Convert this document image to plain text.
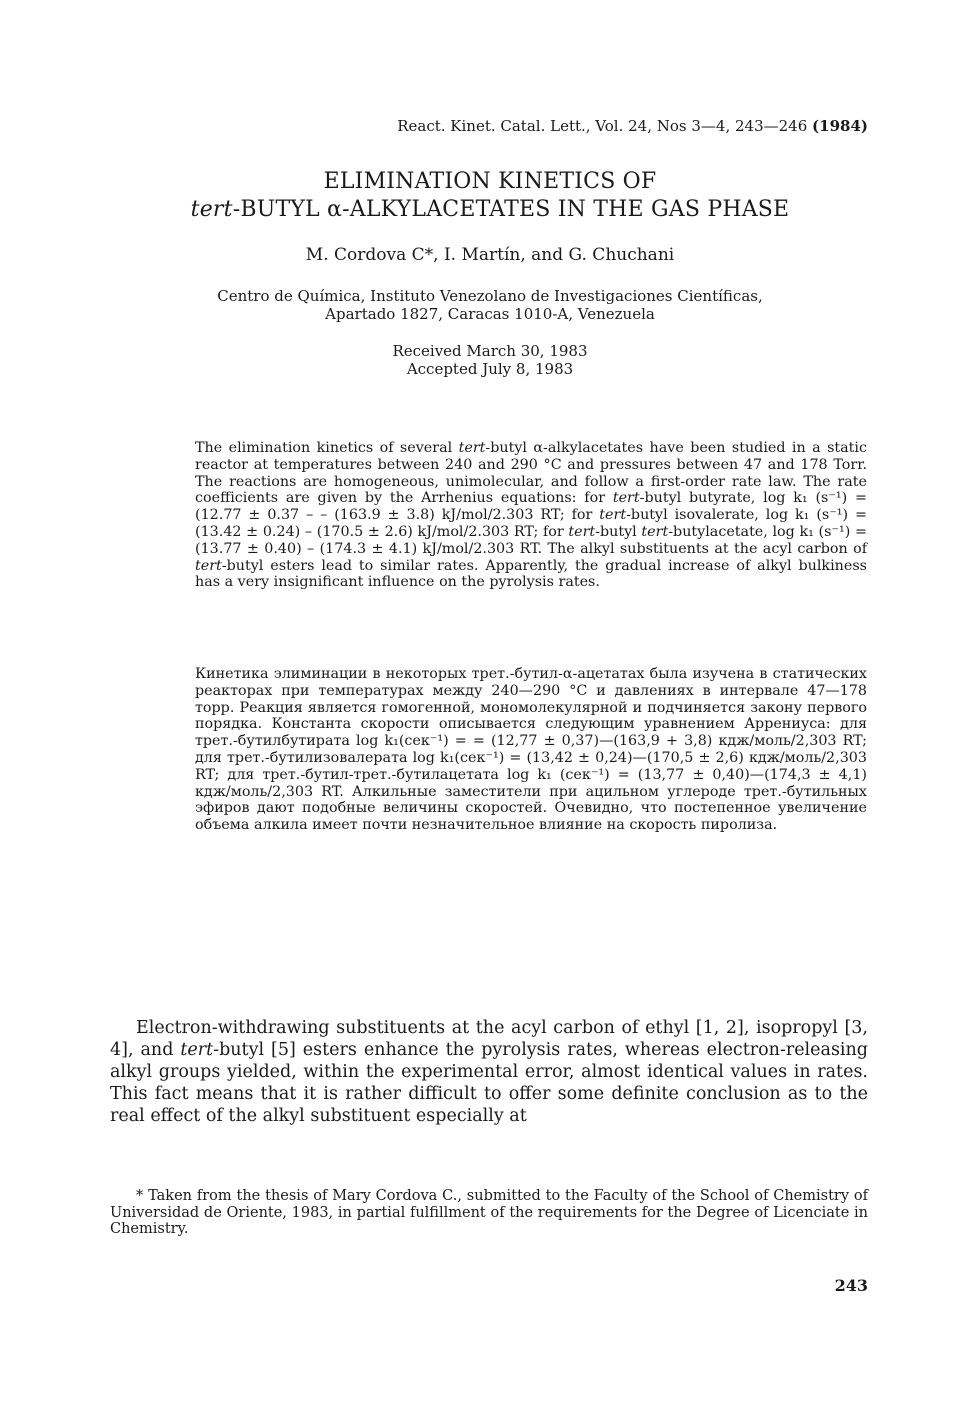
React. Kinet. Catal. Lett., Vol. 24, Nos 3—4, 243—246 (1984)
ELIMINATION KINETICS OF
tert-BUTYL α-ALKYLACETATES IN THE GAS PHASE
M. Cordova C*, I. Martín, and G. Chuchani
Centro de Química, Instituto Venezolano de Investigaciones Científicas,
Apartado 1827, Caracas 1010-A, Venezuela
Received March 30, 1983
Accepted July 8, 1983
The elimination kinetics of several tert-butyl α-alkylacetates have been studied in a static reactor at temperatures between 240 and 290 °C and pressures between 47 and 178 Torr. The reactions are homogeneous, unimolecular, and follow a first-order rate law. The rate coefficients are given by the Arrhenius equations: for tert-butyl butyrate, log k₁ (s⁻¹) = (12.77 ± 0.37 – – (163.9 ± 3.8) kJ/mol/2.303 RT; for tert-butyl isovalerate, log k₁ (s⁻¹) = (13.42 ± 0.24) – (170.5 ± 2.6) kJ/mol/2.303 RT; for tert-butyl tert-butylacetate, log k₁ (s⁻¹) = (13.77 ± 0.40) – (174.3 ± 4.1) kJ/mol/2.303 RT. The alkyl substituents at the acyl carbon of tert-butyl esters lead to similar rates. Apparently, the gradual increase of alkyl bulkiness has a very insignificant influence on the pyrolysis rates.
Кинетика элиминации в некоторых трет.-бутил-α-ацетатах была изучена в статических реакторах при температурах между 240—290 °С и давлениях в интервале 47—178 торр. Реакция является гомогенной, мономолекулярной и подчиняется закону первого порядка. Константа скорости описывается следующим уравнением Аррениуса: для трет.-бутилбутирата log k₁(сек⁻¹) = = (12,77 ± 0,37)—(163,9 + 3,8) кдж/моль/2,303 RT; для трет.-бутилизовалерата log k₁(сек⁻¹) = (13,42 ± 0,24)—(170,5 ± 2,6) кдж/моль/2,303 RT; для трет.-бутил-трет.-бутилацетата log k₁ (сек⁻¹) = (13,77 ± 0,40)—(174,3 ± 4,1) кдж/моль/2,303 RT. Алкильные заместители при ацильном углероде трет.-бутильных эфиров дают подобные величины скоростей. Очевидно, что постепенное увеличение объема алкила имеет почти незначительное влияние на скорость пиролиза.
Electron-withdrawing substituents at the acyl carbon of ethyl [1, 2], isopropyl [3, 4], and tert-butyl [5] esters enhance the pyrolysis rates, whereas electron-releasing alkyl groups yielded, within the experimental error, almost identical values in rates. This fact means that it is rather difficult to offer some definite conclusion as to the real effect of the alkyl substituent especially at
* Taken from the thesis of Mary Cordova C., submitted to the Faculty of the School of Chemistry of Universidad de Oriente, 1983, in partial fulfillment of the requirements for the Degree of Licenciate in Chemistry.
243
